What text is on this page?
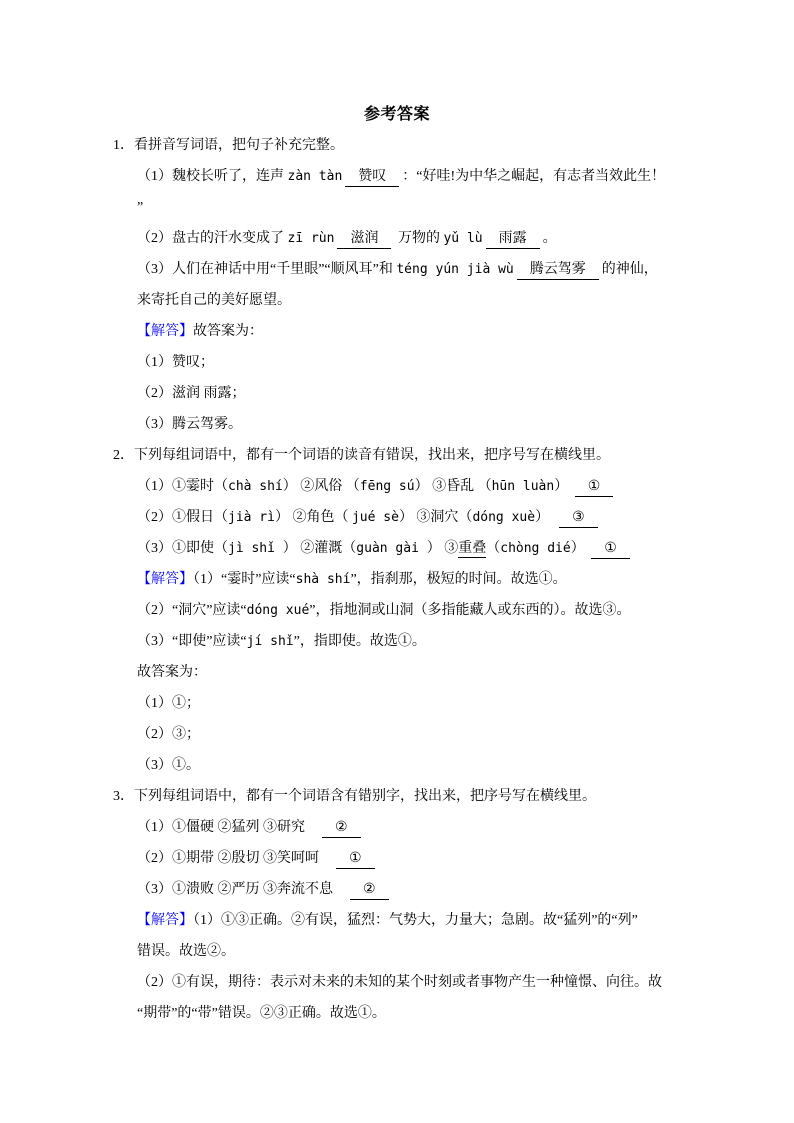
参考答案
1．看拼音写词语，把句子补充完整。
（1）魏校长听了，连声 zàn tàn 赞叹 ：“好哇!为中华之崛起，有志者当效此生！
”
（2）盘古的汗水变成了 zī rùn 滋润 万物的 yǔ lù 雨露 。
（3）人们在神话中用“千里眼”“顺风耳”和 téng yún jià wù 腾云驾雾 的神仙，
来寄托自己的美好愿望。
【解答】故答案为：
（1）赞叹；
（2）滋润 雨露；
（3）腾云驾雾。
2．下列每组词语中，都有一个词语的读音有错误，找出来，把序号写在横线里。
（1）①霎时（chà shí） ②风俗 （fēng sú） ③昏乱 （hūn luàn） ①
（2）①假日（jià rì） ②角色（ jué sè） ③洞穴（dóng xuè）  ③
（3）①即使（jì shǐ ） ②灌溉（guàn gài ） ③重叠（chòng dié） ①
【解答】（1）“霎时”应读“shà shí”，指刹那，极短的时间。故选①。
（2）“洞穴”应读“dóng xué”，指地洞或山洞（多指能藏人或东西的）。故选③。
（3）“即使”应读“jí shǐ”，指即使。故选①。
故答案为：
（1）①；
（2）③；
（3）①。
3．下列每组词语中，都有一个词语含有错别字，找出来，把序号写在横线里。
（1）①僵硬 ②猛列 ③研究　②
（2）①期带 ②殷切 ③笑呵呵　①
（3）①溃败 ②严历 ③奔流不息　②
【解答】（1）①③正确。②有误，猛烈：气势大，力量大；急剧。故“猛列”的“列”
错误。故选②。
（2）①有误，期待：表示对未来的未知的某个时刻或者事物产生一种憧憬、向往。故
“期带”的“带”错误。②③正确。故选①。
